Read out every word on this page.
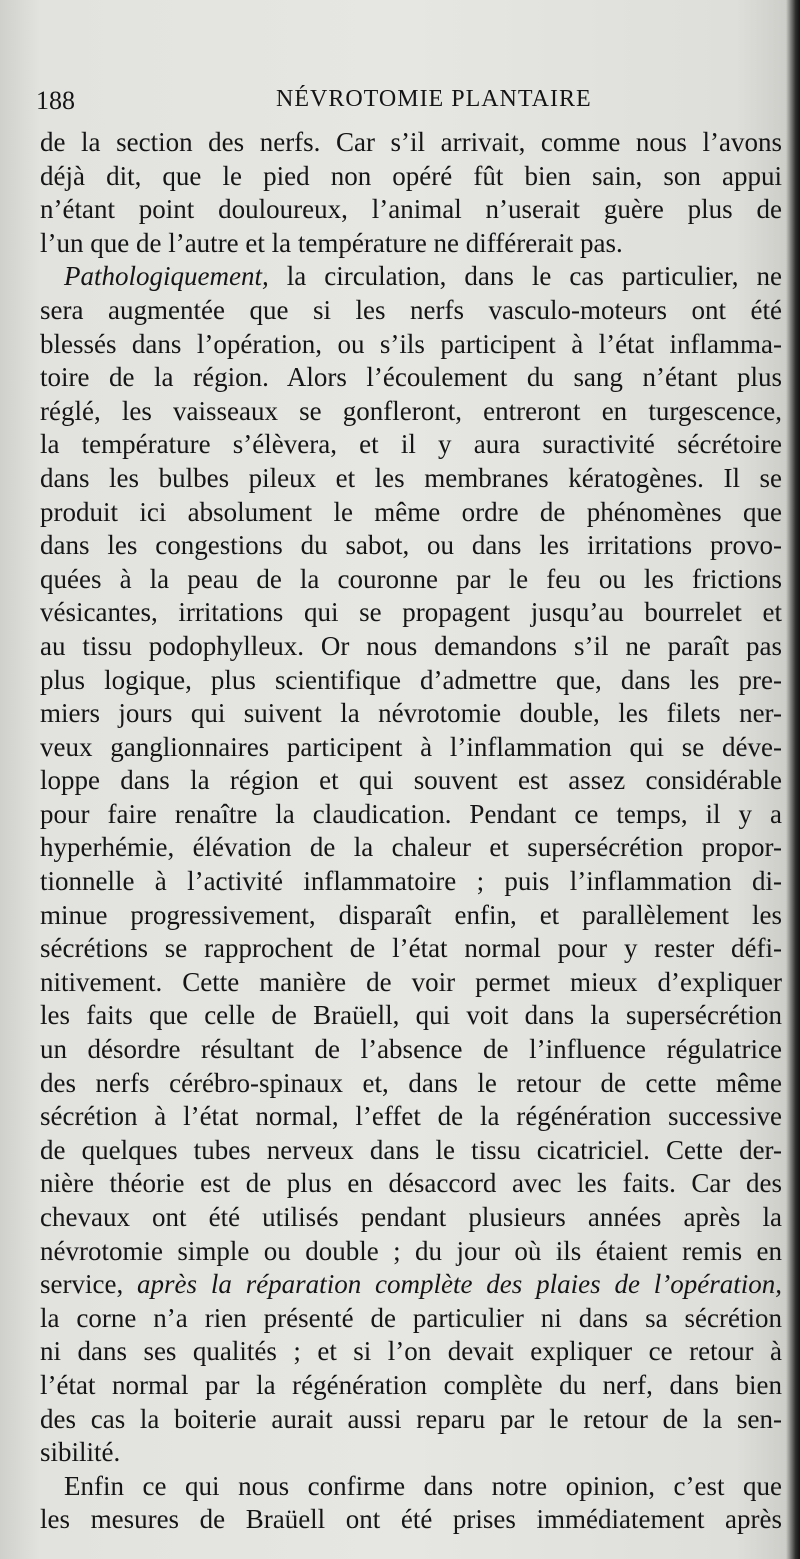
188	NÉVROTOMIE PLANTAIRE
de la section des nerfs. Car s’il arrivait, comme nous l’avons
déjà dit, que le pied non opéré fût bien sain, son appui
n’étant point douloureux, l’animal n’userait guère plus de
l’un que de l’autre et la température ne différerait pas.
Pathologiquement, la circulation, dans le cas particulier, ne
sera augmentée que si les nerfs vasculo-moteurs ont été
blessés dans l’opération, ou s’ils participent à l’état inflamma-
toire de la région. Alors l’écoulement du sang n’étant plus
réglé, les vaisseaux se gonfleront, entreront en turgescence,
la température s’élèvera, et il y aura suractivité sécrétoire
dans les bulbes pileux et les membranes kératogènes. Il se
produit ici absolument le même ordre de phénomènes que
dans les congestions du sabot, ou dans les irritations provo-
quées à la peau de la couronne par le feu ou les frictions
vésicantes, irritations qui se propagent jusqu’au bourrelet et
au tissu podophylleux. Or nous demandons s’il ne paraît pas
plus logique, plus scientifique d’admettre que, dans les pre-
miers jours qui suivent la névrotomie double, les filets ner-
veux ganglionnaires participent à l’inflammation qui se déve-
loppe dans la région et qui souvent est assez considérable
pour faire renaître la claudication. Pendant ce temps, il y a
hyperhémie, élévation de la chaleur et supersécrétion propor-
tionnelle à l’activité inflammatoire ; puis l’inflammation di-
minue progressivement, disparaît enfin, et parallèlement les
sécrétions se rapprochent de l’état normal pour y rester défi-
nitivement. Cette manière de voir permet mieux d’expliquer
les faits que celle de Braüell, qui voit dans la supersécrétion
un désordre résultant de l’absence de l’influence régulatrice
des nerfs cérébro-spinaux et, dans le retour de cette même
sécrétion à l’état normal, l’effet de la régénération successive
de quelques tubes nerveux dans le tissu cicatriciel. Cette der-
nière théorie est de plus en désaccord avec les faits. Car des
chevaux ont été utilisés pendant plusieurs années après la
névrotomie simple ou double ; du jour où ils étaient remis en
service, après la réparation complète des plaies de l’opération,
la corne n’a rien présenté de particulier ni dans sa sécrétion
ni dans ses qualités ; et si l’on devait expliquer ce retour à
l’état normal par la régénération complète du nerf, dans bien
des cas la boiterie aurait aussi reparu par le retour de la sen-
sibilité.
Enfin ce qui nous confirme dans notre opinion, c’est que
les mesures de Braüell ont été prises immédiatement après
